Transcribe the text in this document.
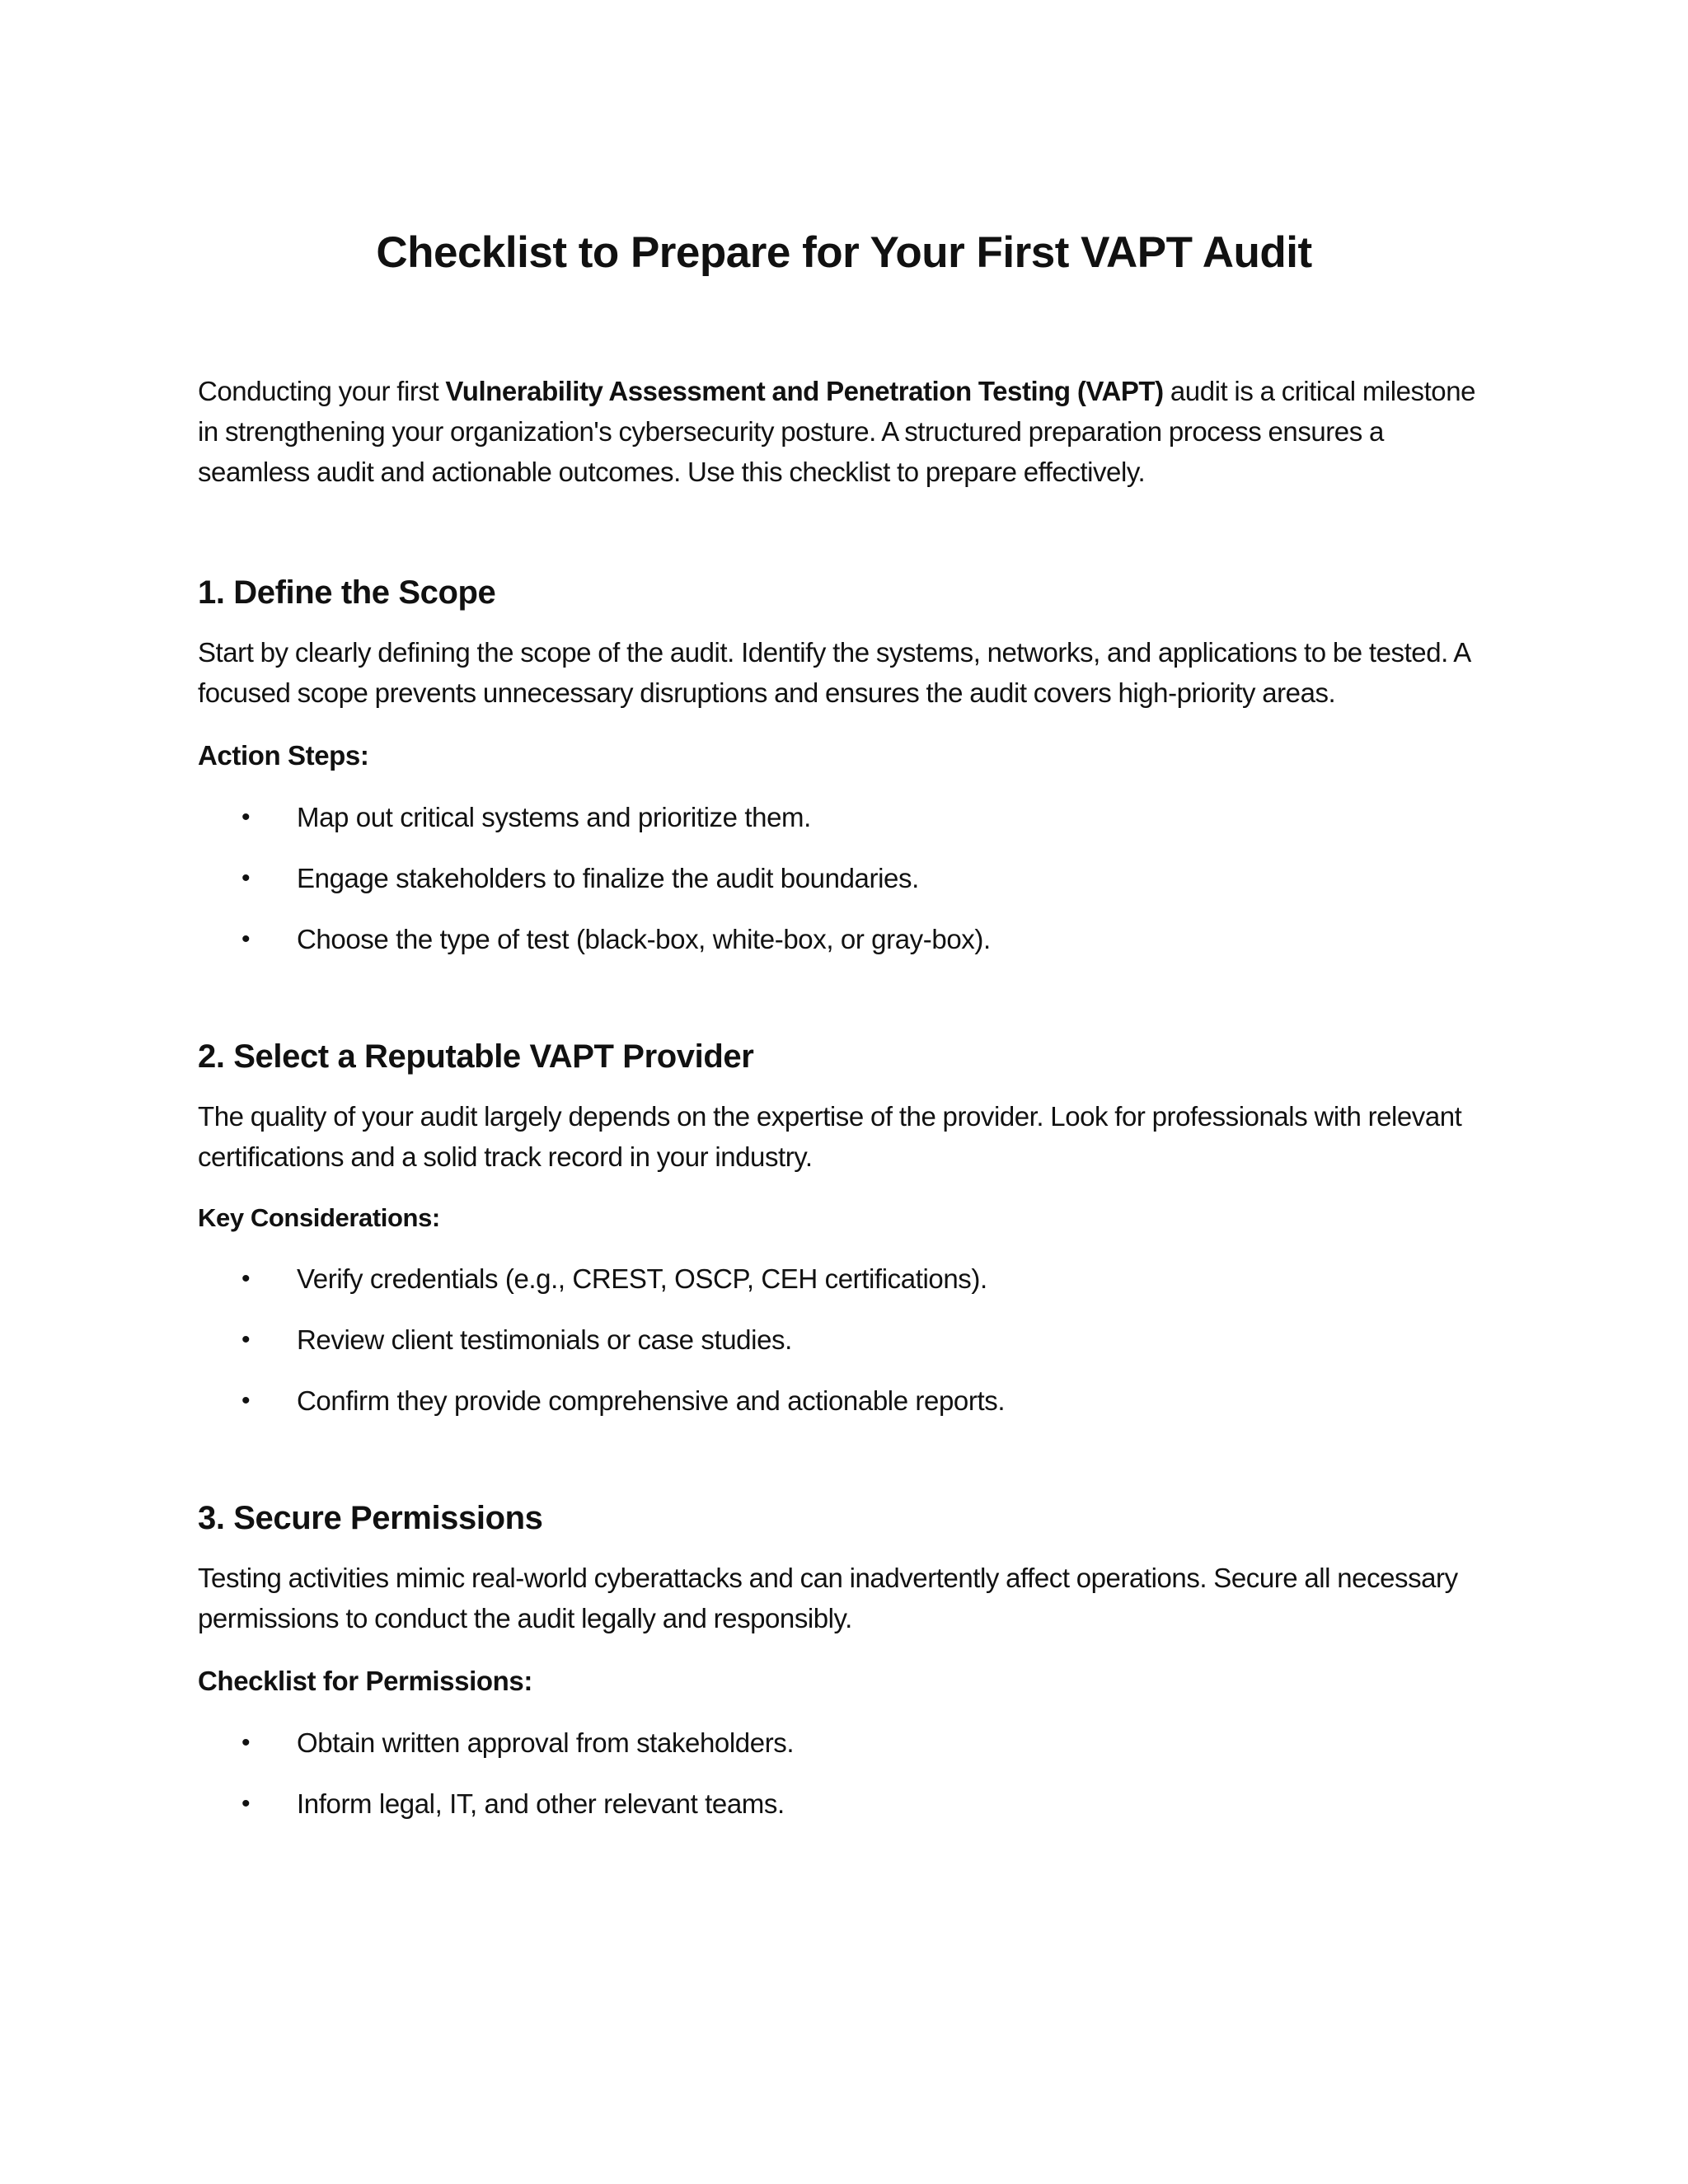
Checklist to Prepare for Your First VAPT Audit

Conducting your first Vulnerability Assessment and Penetration Testing (VAPT) audit is a critical milestone in strengthening your organization's cybersecurity posture. A structured preparation process ensures a seamless audit and actionable outcomes. Use this checklist to prepare effectively.

1. Define the Scope

Start by clearly defining the scope of the audit. Identify the systems, networks, and applications to be tested. A focused scope prevents unnecessary disruptions and ensures the audit covers high-priority areas.

Action Steps:

• Map out critical systems and prioritize them.
• Engage stakeholders to finalize the audit boundaries.
• Choose the type of test (black-box, white-box, or gray-box).
2. Select a Reputable VAPT Provider

The quality of your audit largely depends on the expertise of the provider. Look for professionals with relevant certifications and a solid track record in your industry.

Key Considerations:

• Verify credentials (e.g., CREST, OSCP, CEH certifications).
• Review client testimonials or case studies.
• Confirm they provide comprehensive and actionable reports.
3. Secure Permissions

Testing activities mimic real-world cyberattacks and can inadvertently affect operations. Secure all necessary permissions to conduct the audit legally and responsibly.

Checklist for Permissions:

• Obtain written approval from stakeholders.
• Inform legal, IT, and other relevant teams.
